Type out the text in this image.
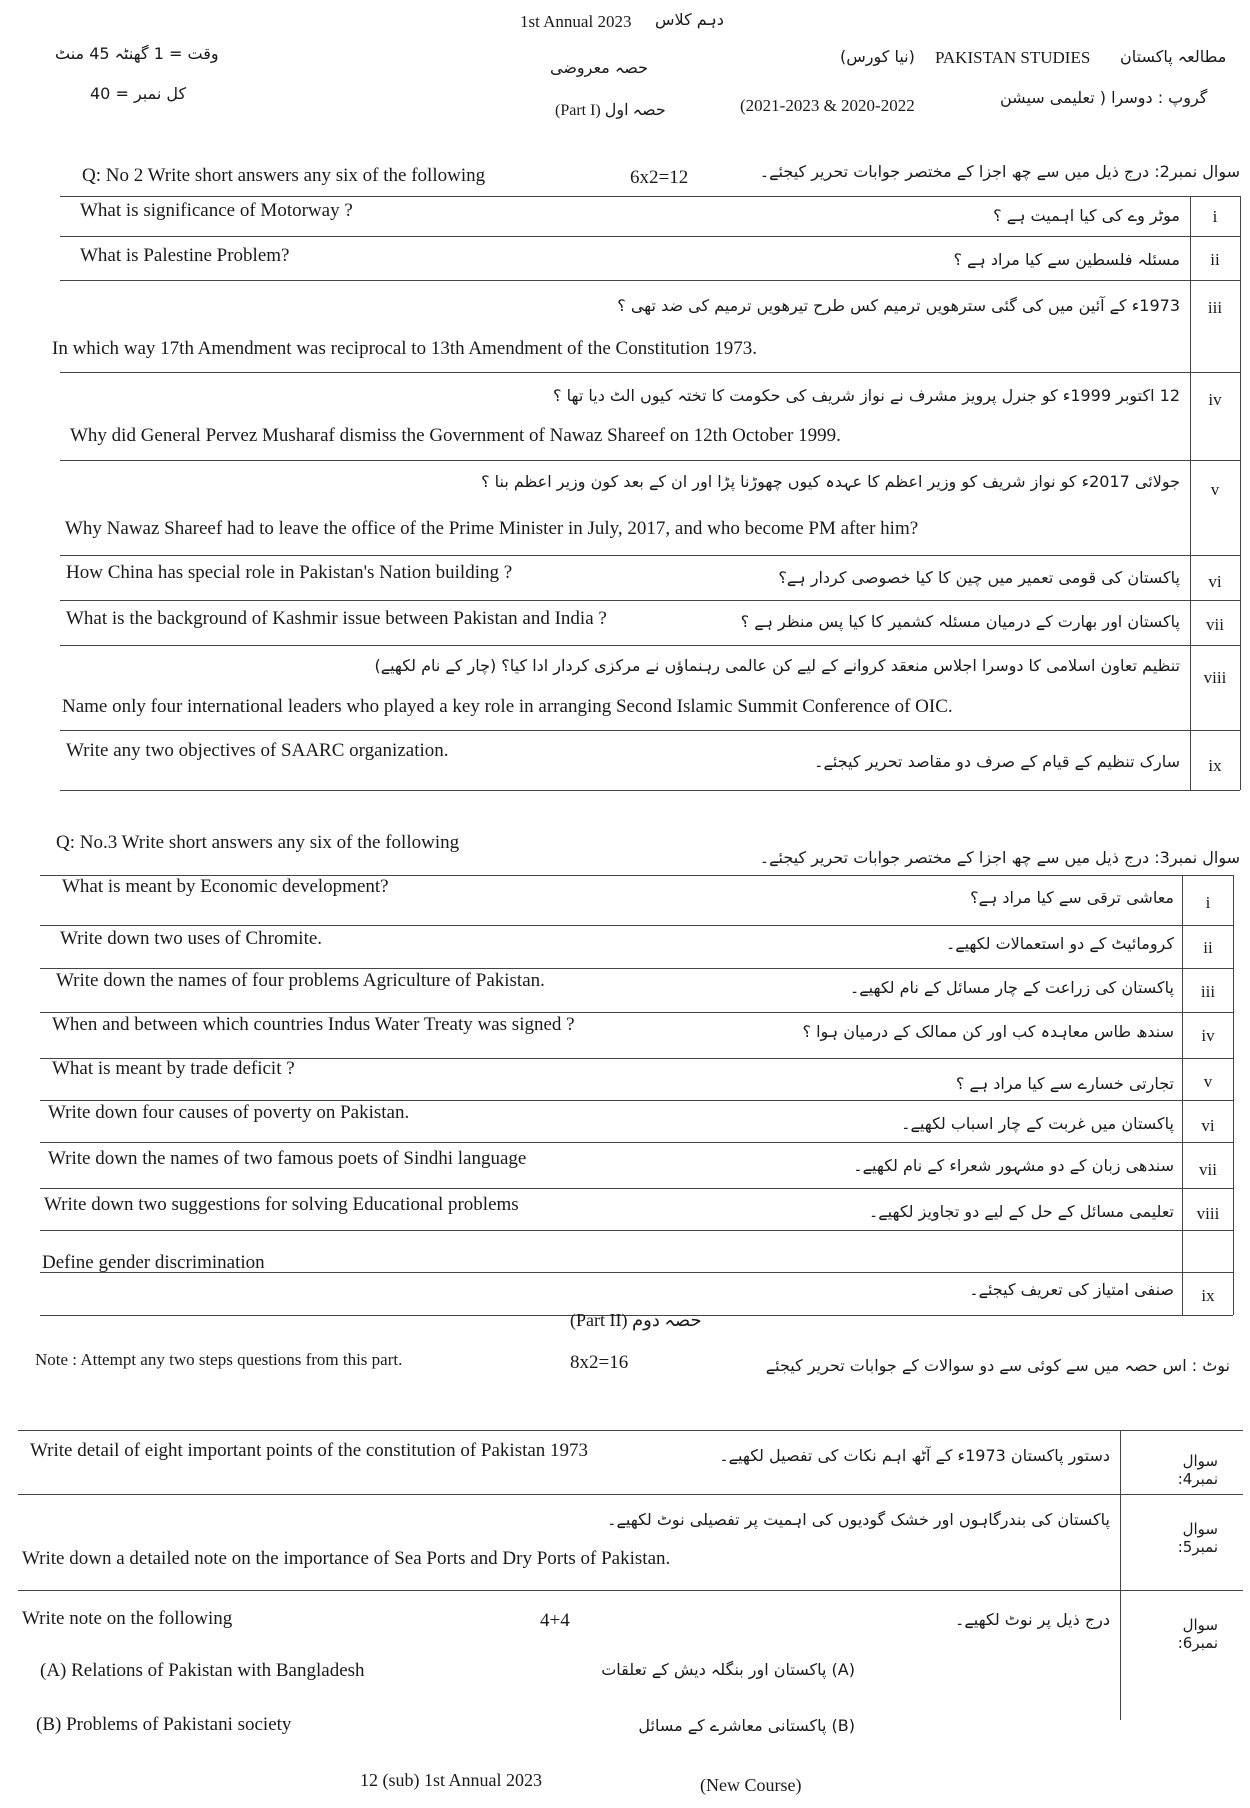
1st Annual 2023 دہم کلاس
وقت = 1 گھنٹہ 45 منٹ
کل نمبر = 40
حصہ معروضی
PAKISTAN STUDIES
(نیا کورس)	مطالعہ پاکستان
گروپ : دوسرا ( تعلیمی سیشن
(2021-2023 & 2020-2022
(Part I) حصہ اول
Q: No 2 Write short answers any six of the following	6x2=12	سوال نمبر2: درج ذیل میں سے چھ اجزا کے مختصر جوابات تحریر کیجئے۔
i
What is significance of Motorway ?	موٹر وے کی کیا اہمیت ہے ؟
ii
What is Palestine Problem?	مسئلہ فلسطین سے کیا مراد ہے ؟
iii
1973ء کے آئین میں کی گئی سترھویں ترمیم کس طرح تیرھویں ترمیم کی ضد تھی ؟
In which way 17th Amendment was reciprocal to 13th Amendment of the Constitution 1973.
iv
12 اکتوبر 1999ء کو جنرل پرویز مشرف نے نواز شریف کی حکومت کا تختہ کیوں الٹ دیا تھا ؟
Why did General Pervez Musharaf dismiss the Government of Nawaz Shareef on 12th October 1999.
v
جولائی 2017ء کو نواز شریف کو وزیر اعظم کا عہدہ کیوں چھوڑنا پڑا اور ان کے بعد کون وزیر اعظم بنا ؟
Why Nawaz Shareef had to leave the office of the Prime Minister in July, 2017, and who become PM after him?
vi
How China has special role in Pakistan's Nation building ?	پاکستان کی قومی تعمیر میں چین کا کیا خصوصی کردار ہے؟
vii
What is the background of Kashmir issue between Pakistan and India ?	پاکستان اور بھارت کے درمیان مسئلہ کشمیر کا کیا پس منظر ہے ؟
viii
تنظیم تعاون اسلامی کا دوسرا اجلاس منعقد کروانے کے لیے کن عالمی رہنماؤں نے مرکزی کردار ادا کیا؟ (چار کے نام لکھیے)
Name only four international leaders who played a key role in arranging Second Islamic Summit Conference of OIC.
ix
Write any two objectives of SAARC organization.
سارک تنظیم کے قیام کے صرف دو مقاصد تحریر کیجئے۔
Q: No.3 Write short answers any six of the following
سوال نمبر3: درج ذیل میں سے چھ اجزا کے مختصر جوابات تحریر کیجئے۔
i
What is meant by Economic development?
معاشی ترقی سے کیا مراد ہے؟
ii
Write down two uses of Chromite.	کرومائیٹ کے دو استعمالات لکھیے۔
iii
Write down the names of four problems Agriculture of Pakistan.	پاکستان کی زراعت کے چار مسائل کے نام لکھیے۔
iv
When and between which countries Indus Water Treaty was signed ?	سندھ طاس معاہدہ کب اور کن ممالک کے درمیان ہوا ؟
v
What is meant by trade deficit ?
تجارتی خسارے سے کیا مراد ہے ؟
vi
Write down four causes of poverty on Pakistan.
پاکستان میں غربت کے چار اسباب لکھیے۔
vii
Write down the names of two famous poets of Sindhi language	سندھی زبان کے دو مشہور شعراء کے نام لکھیے۔
viii
Write down two suggestions for solving Educational problems	تعلیمی مسائل کے حل کے لیے دو تجاویز لکھیے۔
ix
Define gender discrimination
صنفی امتیاز کی تعریف کیجئے۔
(Part II) حصہ دوم
Note : Attempt any two steps questions from this part.	8x2=16	نوٹ : اس حصہ میں سے کوئی سے دو سوالات کے جوابات تحریر کیجئے
سوال نمبر4:
Write detail of eight important points of the constitution of Pakistan 1973	دستور پاکستان 1973ء کے آٹھ اہم نکات کی تفصیل لکھیے۔
سوال نمبر5:
پاکستان کی بندرگاہوں اور خشک گودیوں کی اہمیت پر تفصیلی نوٹ لکھیے۔
Write down a detailed note on the importance of Sea Ports and Dry Ports of Pakistan.
سوال نمبر6:
Write note on the following	4+4	درج ذیل پر نوٹ لکھیے۔
(A) Relations of Pakistan with Bangladesh	(A) پاکستان اور بنگلہ دیش کے تعلقات
(B) Problems of Pakistani society	(B) پاکستانی معاشرے کے مسائل
12 (sub) 1st Annual 2023	(New Course)
